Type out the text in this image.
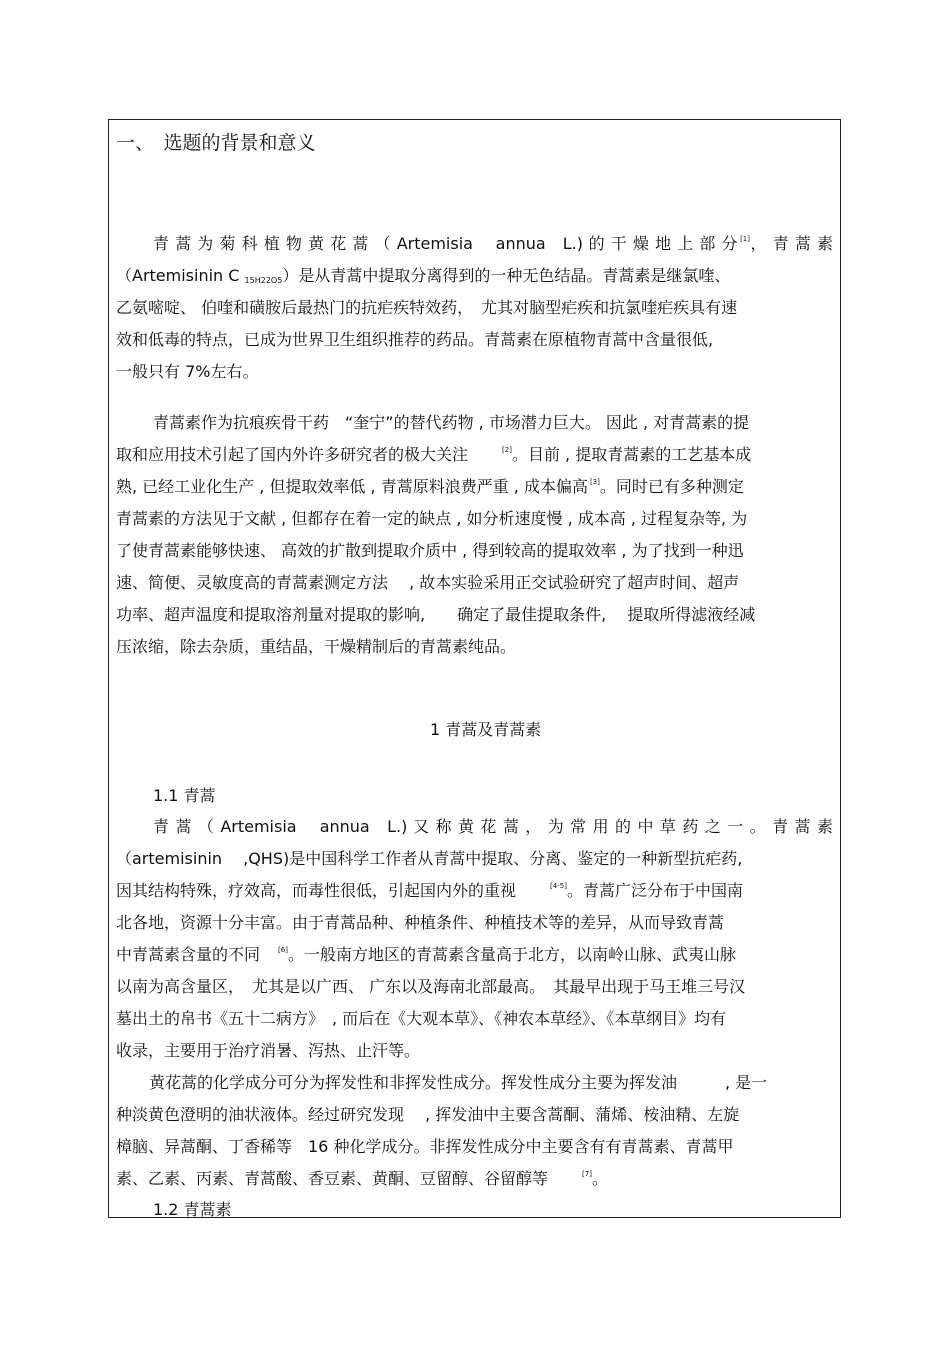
一、　选题的背景和意义
青 蒿 为 菊 科 植 物 黄 花 蒿 （ Artemisia　 annua　L.) 的 干 燥 地 上 部 分 [1]， 青 蒿 素
（Artemisinin C $_{15H22O5}$）是从青蒿中提取分离得到的一种无色结晶。青蒿素是继氯喹、
乙氨嘧啶、 伯喹和磺胺后最热门的抗疟疾特效药，　尤其对脑型疟疾和抗氯喹疟疾具有速
效和低毒的特点，已成为世界卫生组织推荐的药品。青蒿素在原植物青蒿中含量很低,
一般只有 7%左右。
青蒿素作为抗痕疾骨干药　“奎宁”的替代药物 , 市场潜力巨大。 因此 , 对青蒿素的提
取和应用技术引起了国内外许多研究者的极大关注　　	[2]。目前 , 提取青蒿素的工艺基本成
熟, 已经工业化生产 , 但提取效率低 , 青蒿原料浪费严重 , 成本偏高 [3]。同时已有多种测定
青蒿素的方法见于文献 , 但都存在着一定的缺点 , 如分析速度慢 , 成本高 , 过程复杂等, 为
了使青蒿素能够快速、 高效的扩散到提取介质中 , 得到较高的提取效率 , 为了找到一种迅
速、简便、灵敏度高的青蒿素测定方法　 , 故本实验采用正交试验研究了超声时间、超声
功率、超声温度和提取溶剂量对提取的影响,　　确定了最佳提取条件,　 提取所得滤液经减
压浓缩，除去杂质，重结晶，干燥精制后的青蒿素纯品。
1 青蒿及青蒿素
1.1 青蒿
青 蒿 （ Artemisia　 annua　L.) 又 称 黄 花 蒿 ， 为 常 用 的 中 草 药 之 一 。 青 蒿 素
（artemisinin　 ,QHS)是中国科学工作者从青蒿中提取、分离、鉴定的一种新型抗疟药,
因其结构特殊，疗效高，而毒性很低，引起国内外的重视　　	[4-5]。青蒿广泛分布于中国南
北各地，资源十分丰富。由于青蒿品种、种植条件、种植技术等的差异，从而导致青蒿
中青蒿素含量的不同　	[6]。一般南方地区的青蒿素含量高于北方，以南岭山脉、武夷山脉
以南为高含量区，　尤其是以广西、 广东以及海南北部最高。　其最早出现于马王堆三号汉
墓出土的帛书《五十二病方》　, 而后在《大观本草》、《神农本草经》、《本草纲目》均有
收录，主要用于治疗消暑、泻热、止汗等。
黄花蒿的化学成分可分为挥发性和非挥发性成分。挥发性成分主要为挥发油　　　, 是一
种淡黄色澄明的油状液体。经过研究发现　 , 挥发油中主要含蒿酮、蒲烯、桉油精、左旋
樟脑、异蒿酮、丁香稀等　16 种化学成分。非挥发性成分中主要含有有青蒿素、青蒿甲
素、乙素、丙素、青蒿酸、香豆素、黄酮、豆留醇、谷留醇等　　	[7]。
1.2 青蒿素
